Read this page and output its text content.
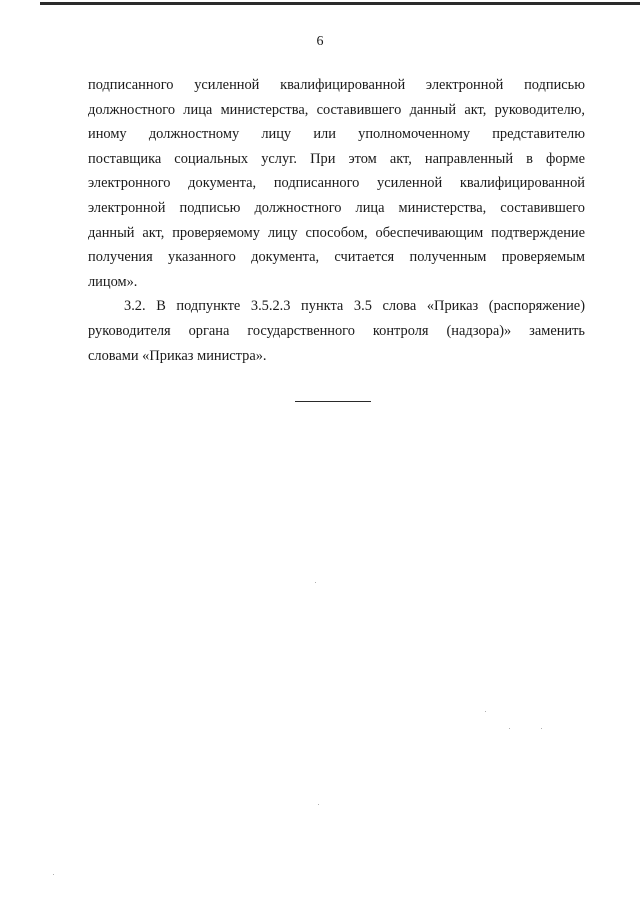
6

подписанного усиленной квалифицированной электронной подписью
должностного лица министерства, составившего данный акт, руководителю,
иному должностному лицу или уполномоченному представителю
поставщика социальных услуг. При этом акт, направленный в форме
электронного документа, подписанного усиленной квалифицированной
электронной подписью должностного лица министерства, составившего
данный акт, проверяемому лицу способом, обеспечивающим подтверждение
получения указанного документа, считается полученным проверяемым
лицом».

3.2. В подпункте 3.5.2.3 пункта 3.5 слова «Приказ (распоряжение)
руководителя органа государственного контроля (надзора)» заменить
словами «Приказ министра».
